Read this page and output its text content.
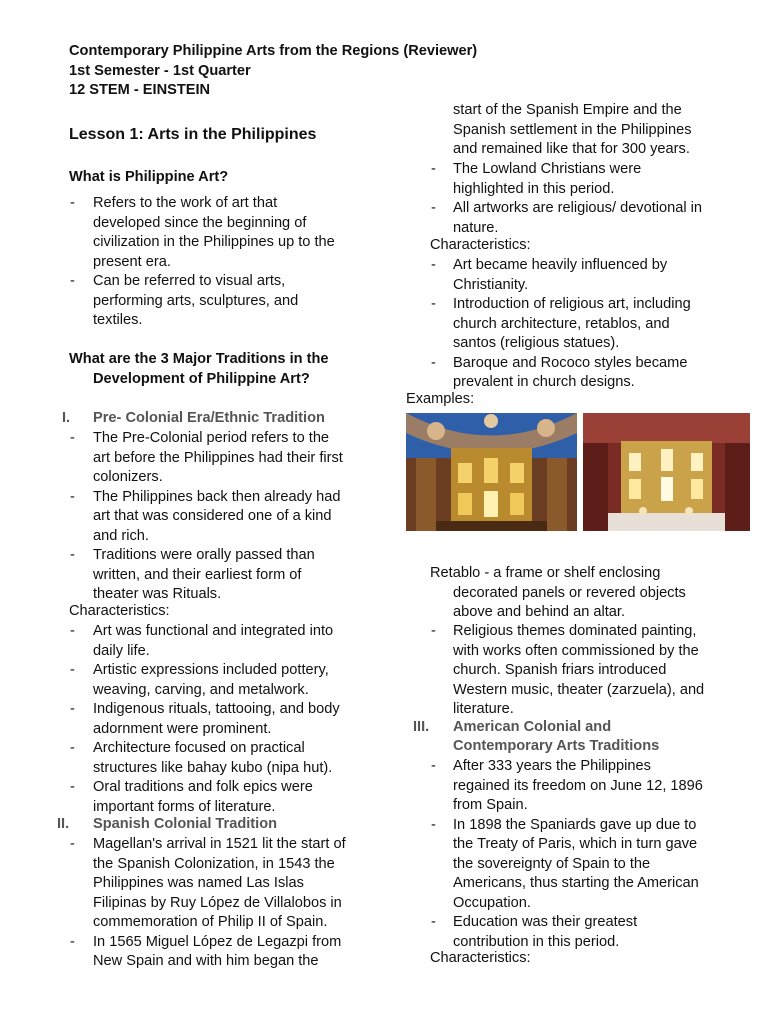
Contemporary Philippine Arts from the Regions (Reviewer)
1st Semester - 1st Quarter
12 STEM - EINSTEIN
Lesson 1: Arts in the Philippines
What is Philippine Art?
- Refers to the work of art that
developed since the beginning of
civilization in the Philippines up to the
present era.
- Can be referred to visual arts,
performing arts, sculptures, and
textiles.
What are the 3 Major Traditions in the
Development of Philippine Art?
I. Pre- Colonial Era/Ethnic Tradition
- The Pre-Colonial period refers to the
art before the Philippines had their first
colonizers.
- The Philippines back then already had
art that was considered one of a kind
and rich.
- Traditions were orally passed than
written, and their earliest form of
theater was Rituals.
Characteristics:
- Art was functional and integrated into
daily life.
- Artistic expressions included pottery,
weaving, carving, and metalwork.
- Indigenous rituals, tattooing, and body
adornment were prominent.
- Architecture focused on practical
structures like bahay kubo (nipa hut).
- Oral traditions and folk epics were
important forms of literature.
II. Spanish Colonial Tradition
- Magellan's arrival in 1521 lit the start of
the Spanish Colonization, in 1543 the
Philippines was named Las Islas
Filipinas by Ruy López de Villalobos in
commemoration of Philip II of Spain.
- In 1565 Miguel López de Legazpi from
New Spain and with him began the
start of the Spanish Empire and the
Spanish settlement in the Philippines
and remained like that for 300 years.
- The Lowland Christians were
highlighted in this period.
- All artworks are religious/ devotional in
nature.
Characteristics:
- Art became heavily influenced by
Christianity.
- Introduction of religious art, including
church architecture, retablos, and
santos (religious statues).
- Baroque and Rococo styles became
prevalent in church designs.
Examples:
Retablo - a frame or shelf enclosing
decorated panels or revered objects
above and behind an altar.
- Religious themes dominated painting,
with works often commissioned by the
church. Spanish friars introduced
Western music, theater (zarzuela), and
literature.
III. American Colonial and
Contemporary Arts Traditions
- After 333 years the Philippines
regained its freedom on June 12, 1896
from Spain.
- In 1898 the Spaniards gave up due to
the Treaty of Paris, which in turn gave
the sovereignty of Spain to the
Americans, thus starting the American
Occupation.
- Education was their greatest
contribution in this period.
Characteristics:
